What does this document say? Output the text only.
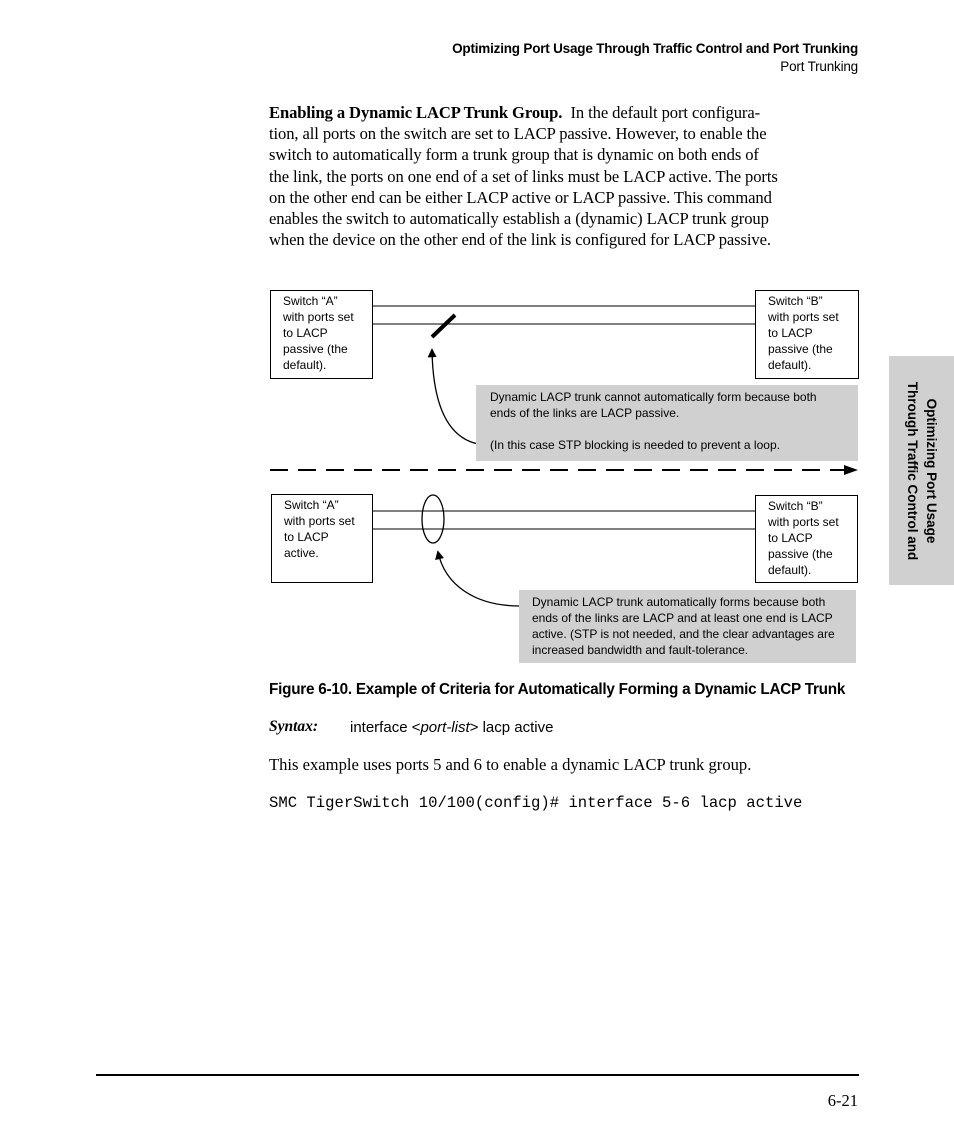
Optimizing Port Usage Through Traffic Control and Port Trunking
Port Trunking
Optimizing Port Usage
Through Traffic Control and
Enabling a Dynamic LACP Trunk Group. In the default port configura-
tion, all ports on the switch are set to LACP passive. However, to enable the
switch to automatically form a trunk group that is dynamic on both ends of
the link, the ports on one end of a set of links must be LACP active. The ports
on the other end can be either LACP active or LACP passive. This command
enables the switch to automatically establish a (dynamic) LACP trunk group
when the device on the other end of the link is configured for LACP passive.
Switch “A”
with ports set
to LACP
passive (the
default).
Switch “B”
with ports set
to LACP
passive (the
default).
Dynamic LACP trunk cannot automatically form because both
ends of the links are LACP passive.
(In this case STP blocking is needed to prevent a loop.
Switch “A”
with ports set
to LACP
active.
Switch “B”
with ports set
to LACP
passive (the
default).
Dynamic LACP trunk automatically forms because both
ends of the links are LACP and at least one end is LACP
active. (STP is not needed, and the clear advantages are
increased bandwidth and fault-tolerance.
Figure 6-10. Example of Criteria for Automatically Forming a Dynamic LACP Trunk
Syntax: interface <port-list> lacp active
This example uses ports 5 and 6 to enable a dynamic LACP trunk group.
SMC TigerSwitch 10/100(config)# interface 5-6 lacp active
6-21
